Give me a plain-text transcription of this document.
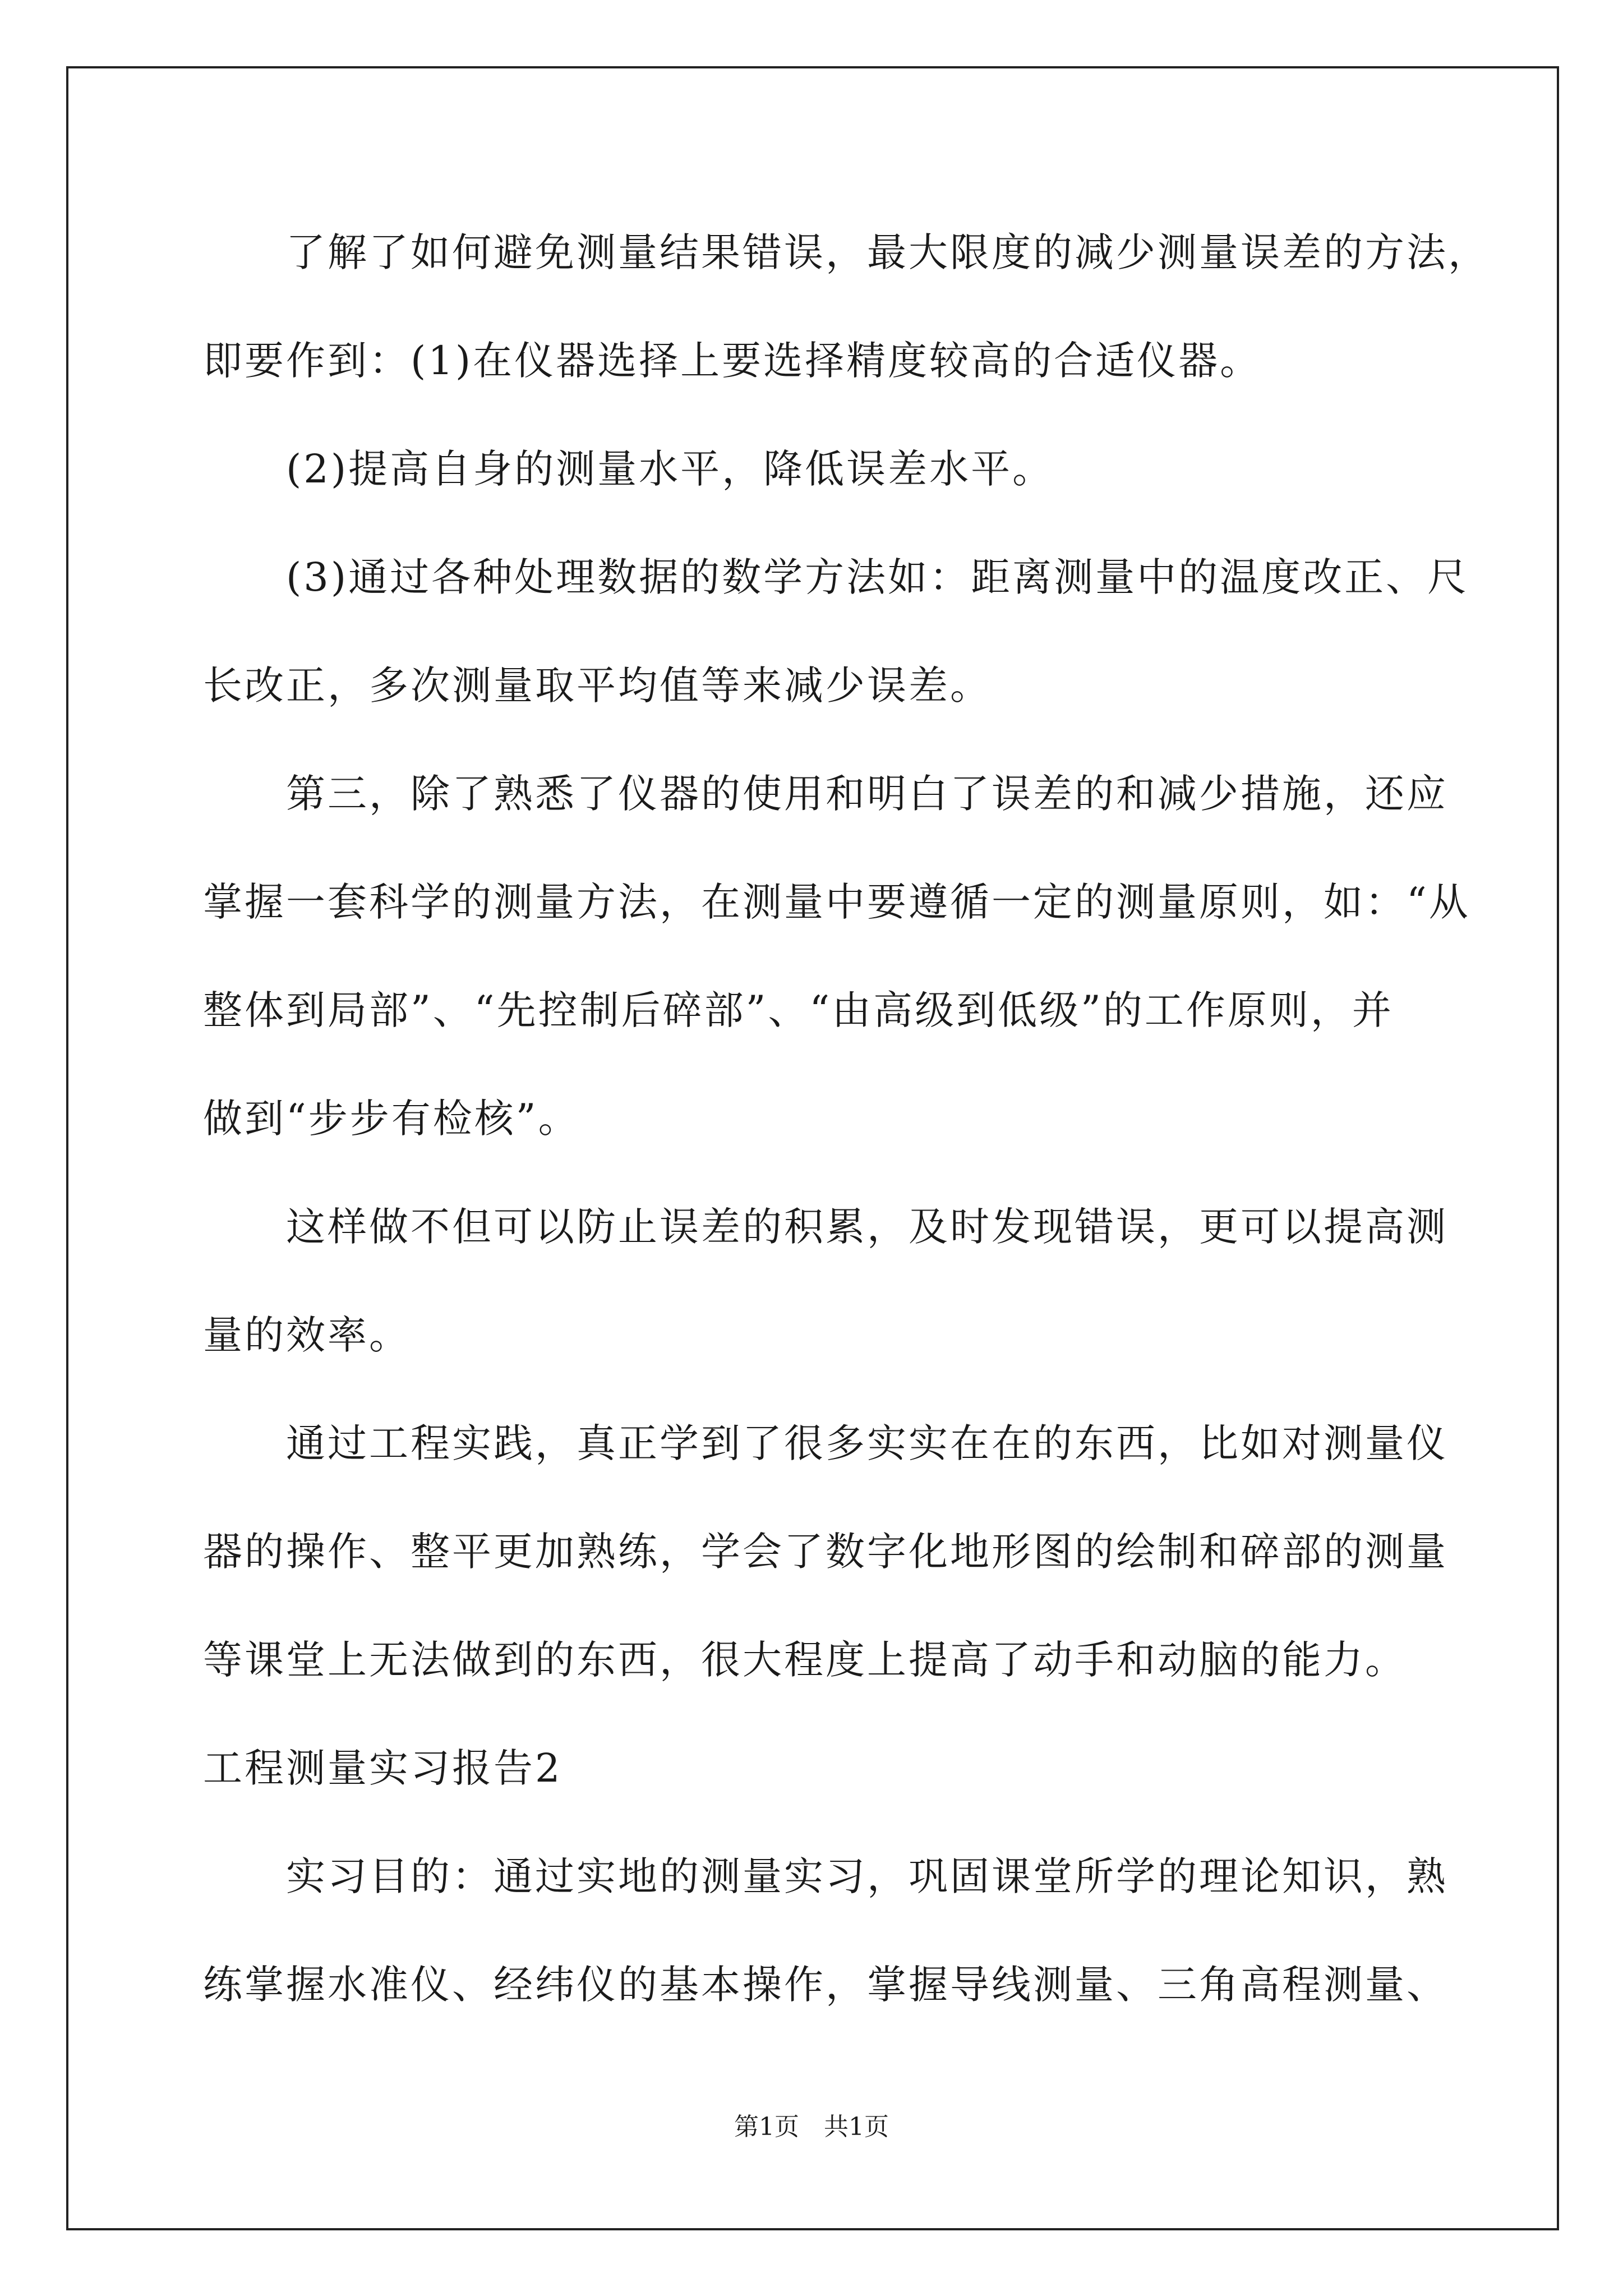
了解了如何避免测量结果错误，最大限度的减少测量误差的方法，
即要作到：(1)在仪器选择上要选择精度较高的合适仪器。
(2)提高自身的测量水平，降低误差水平。
(3)通过各种处理数据的数学方法如：距离测量中的温度改正、尺
长改正，多次测量取平均值等来减少误差。
第三，除了熟悉了仪器的使用和明白了误差的和减少措施，还应
掌握一套科学的测量方法，在测量中要遵循一定的测量原则，如：“从
整体到局部”、“先控制后碎部”、“由高级到低级”的工作原则，并
做到“步步有检核”。
这样做不但可以防止误差的积累，及时发现错误，更可以提高测
量的效率。
通过工程实践，真正学到了很多实实在在的东西，比如对测量仪
器的操作、整平更加熟练，学会了数字化地形图的绘制和碎部的测量
等课堂上无法做到的东西，很大程度上提高了动手和动脑的能力。
工程测量实习报告2
实习目的：通过实地的测量实习，巩固课堂所学的理论知识，熟
练掌握水准仪、经纬仪的基本操作，掌握导线测量、三角高程测量、
第1页　共1页
